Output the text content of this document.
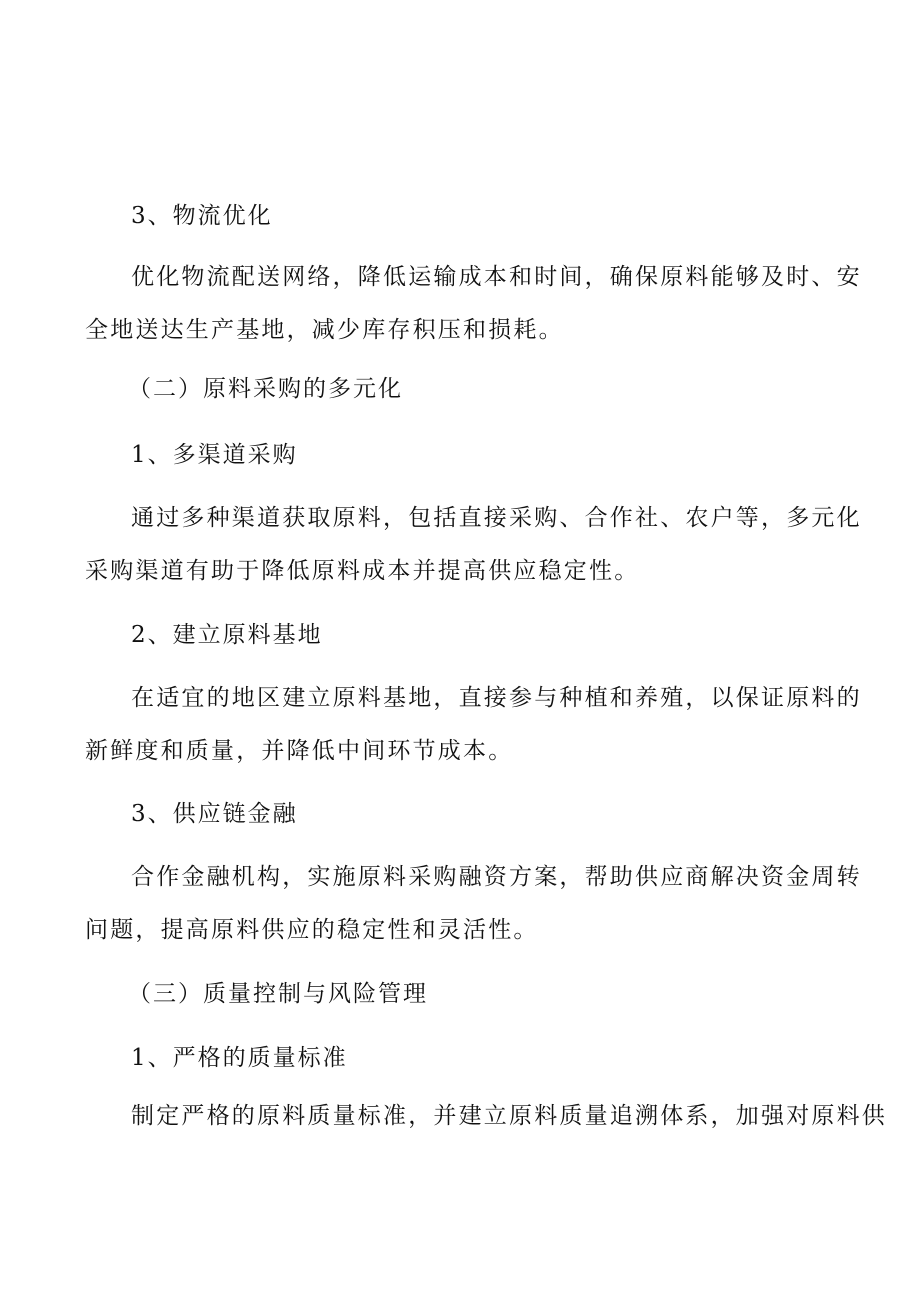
3、物流优化

优化物流配送网络，降低运输成本和时间，确保原料能够及时、安

全地送达生产基地，减少库存积压和损耗。

（二）原料采购的多元化

1、多渠道采购

通过多种渠道获取原料，包括直接采购、合作社、农户等，多元化

采购渠道有助于降低原料成本并提高供应稳定性。

2、建立原料基地

在适宜的地区建立原料基地，直接参与种植和养殖，以保证原料的

新鲜度和质量，并降低中间环节成本。

3、供应链金融

合作金融机构，实施原料采购融资方案，帮助供应商解决资金周转

问题，提高原料供应的稳定性和灵活性。

（三）质量控制与风险管理

1、严格的质量标准

制定严格的原料质量标准，并建立原料质量追溯体系，加强对原料供
